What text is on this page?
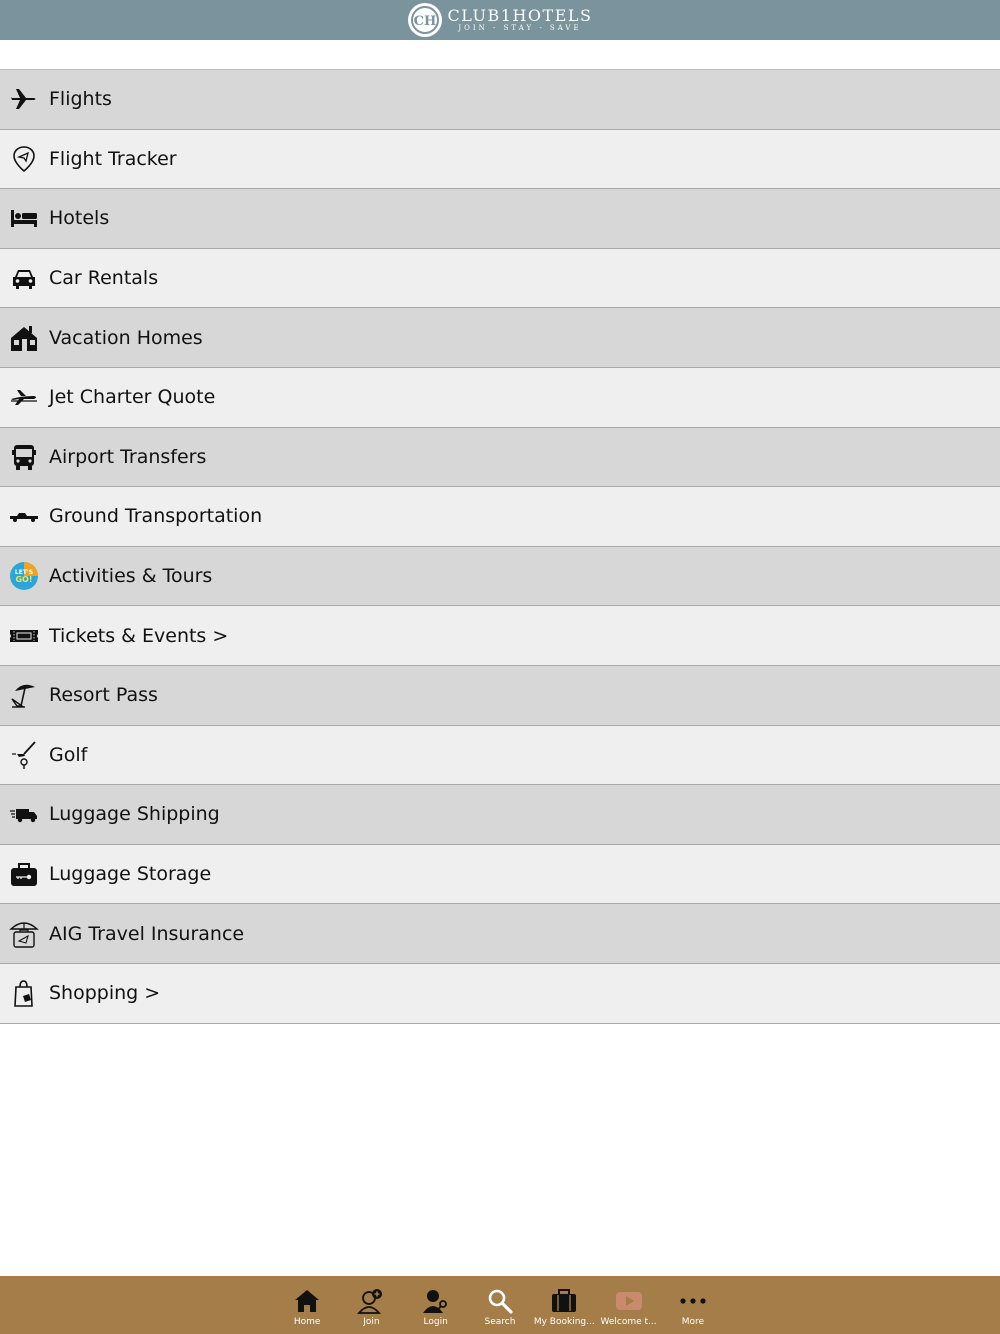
CH CLUB1HOTELS
JOIN - STAY - SAVE
Flights
Flight Tracker
Hotels
Car Rentals
Vacation Homes
Jet Charter Quote
Airport Transfers
Ground Transportation
LET'S
GO! Activities & Tours
Tickets & Events >
Resort Pass
Golf
Luggage Shipping
Luggage Storage
AIG Travel Insurance
Shopping >
Home	Join	Login	Search My Booking... Welcome t...	More
